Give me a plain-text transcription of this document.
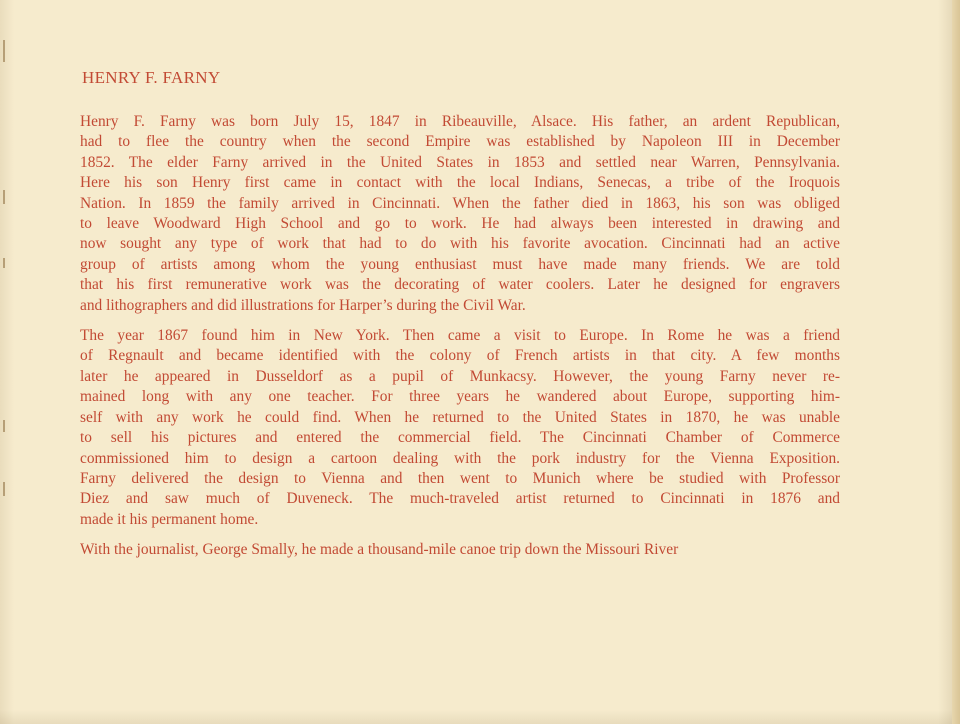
HENRY F. FARNY

Henry F. Farny was born July 15, 1847 in Ribeauville, Alsace. His father, an ardent Republican,
had to flee the country when the second Empire was established by Napoleon III in December
1852. The elder Farny arrived in the United States in 1853 and settled near Warren, Pennsylvania.
Here his son Henry first came in contact with the local Indians, Senecas, a tribe of the Iroquois
Nation. In 1859 the family arrived in Cincinnati. When the father died in 1863, his son was obliged
to leave Woodward High School and go to work. He had always been interested in drawing and
now sought any type of work that had to do with his favorite avocation. Cincinnati had an active
group of artists among whom the young enthusiast must have made many friends. We are told
that his first remunerative work was the decorating of water coolers. Later he designed for engravers
and lithographers and did illustrations for Harper’s during the Civil War.

The year 1867 found him in New York. Then came a visit to Europe. In Rome he was a friend
of Regnault and became identified with the colony of French artists in that city. A few months
later he appeared in Dusseldorf as a pupil of Munkacsy. However, the young Farny never re-
mained long with any one teacher. For three years he wandered about Europe, supporting him-
self with any work he could find. When he returned to the United States in 1870, he was unable
to sell his pictures and entered the commercial field. The Cincinnati Chamber of Commerce
commissioned him to design a cartoon dealing with the pork industry for the Vienna Exposition.
Farny delivered the design to Vienna and then went to Munich where be studied with Professor
Diez and saw much of Duveneck. The much-traveled artist returned to Cincinnati in 1876 and
made it his permanent home.

With the journalist, George Smally, he made a thousand-mile canoe trip down the Missouri River
